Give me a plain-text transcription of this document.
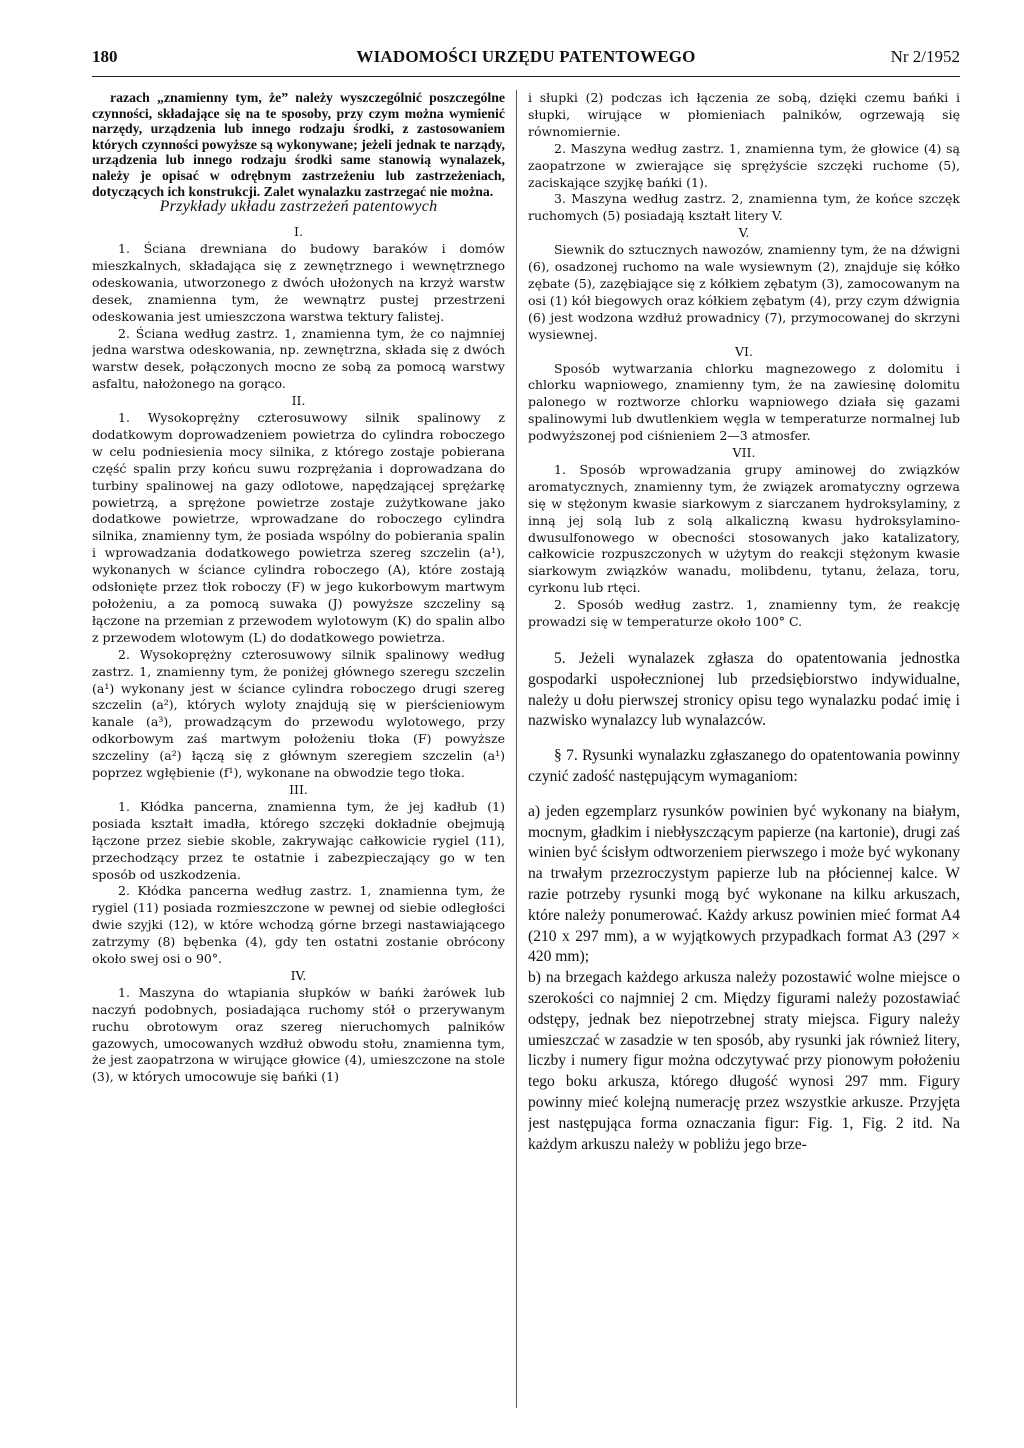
180	WIADOMOŚCI URZĘDU PATENTOWEGO	Nr 2/1952

razach „znamienny tym, że” należy wyszczególnić poszczególne czynności, składające się na te sposoby, przy czym można wymienić narzędy, urządzenia lub innego rodzaju środki, z zastosowaniem których czynności powyższe są wykonywane; jeżeli jednak te narządy, urządzenia lub innego rodzaju środki same stanowią wynalazek, należy je opisać w odrębnym zastrzeżeniu lub zastrzeżeniach, dotyczących ich konstrukcji. Zalet wynalazku zastrzegać nie można.

Przykłady układu zastrzeżeń patentowych

I.

1. Ściana drewniana do budowy baraków i domów mieszkalnych, składająca się z zewnętrznego i wewnętrznego odeskowania, utworzonego z dwóch ułożonych na krzyż warstw desek, znamienna tym, że wewnątrz pustej przestrzeni odeskowania jest umieszczona warstwa tektury falistej.

2. Ściana według zastrz. 1, znamienna tym, że co najmniej jedna warstwa odeskowania, np. zewnętrzna, składa się z dwóch warstw desek, połączonych mocno ze sobą za pomocą warstwy asfaltu, nałożonego na gorąco.

II.

1. Wysokoprężny czterosuwowy silnik spalinowy z dodatkowym doprowadzeniem powietrza do cylindra roboczego w celu podniesienia mocy silnika, z którego zostaje pobierana część spalin przy końcu suwu rozprężania i doprowadzana do turbiny spalinowej na gazy odlotowe, napędzającej sprężarkę powietrzą, a sprężone powietrze zostaje zużytkowane jako dodatkowe powietrze, wprowadzane do roboczego cylindra silnika, znamienny tym, że posiada wspólny do pobierania spalin i wprowadzania dodatkowego powietrza szereg szczelin (a¹), wykonanych w ściance cylindra roboczego (A), które zostają odsłonięte przez tłok roboczy (F) w jego kukorbowym martwym położeniu, a za pomocą suwaka (J) powyższe szczeliny są łączone na przemian z przewodem wylotowym (K) do spalin albo z przewodem wlotowym (L) do dodatkowego powietrza.

2. Wysokoprężny czterosuwowy silnik spalinowy według zastrz. 1, znamienny tym, że poniżej głównego szeregu szczelin (a¹) wykonany jest w ściance cylindra roboczego drugi szereg szczelin (a²), których wyloty znajdują się w pierścieniowym kanale (a³), prowadzącym do przewodu wylotowego, przy odkorbowym zaś martwym położeniu tłoka (F) powyższe szczeliny (a²) łączą się z głównym szeregiem szczelin (a¹) poprzez wgłębienie (f¹), wykonane na obwodzie tego tłoka.

III.

1. Kłódka pancerna, znamienna tym, że jej kadłub (1) posiada kształt imadła, którego szczęki dokładnie obejmują łączone przez siebie skoble, zakrywając całkowicie rygiel (11), przechodzący przez te ostatnie i zabezpieczający go w ten sposób od uszkodzenia.

2. Kłódka pancerna według zastrz. 1, znamienna tym, że rygiel (11) posiada rozmieszczone w pewnej od siebie odległości dwie szyjki (12), w które wchodzą górne brzegi nastawiającego zatrzymy (8) bębenka (4), gdy ten ostatni zostanie obrócony około swej osi o 90°.

IV.

1. Maszyna do wtapiania słupków w bańki żarówek lub naczyń podobnych, posiadająca ruchomy stół o przerywanym ruchu obrotowym oraz szereg nieruchomych palników gazowych, umocowanych wzdłuż obwodu stołu, znamienna tym, że jest zaopatrzona w wirujące głowice (4), umieszczone na stole (3), w których umocowuje się bańki (1)

i słupki (2) podczas ich łączenia ze sobą, dzięki czemu bańki i słupki, wirujące w płomieniach palników, ogrzewają się równomiernie.

2. Maszyna według zastrz. 1, znamienna tym, że głowice (4) są zaopatrzone w zwierające się sprężyście szczęki ruchome (5), zaciskające szyjkę bańki (1).

3. Maszyna według zastrz. 2, znamienna tym, że końce szczęk ruchomych (5) posiadają kształt litery V.

V.

Siewnik do sztucznych nawozów, znamienny tym, że na dźwigni (6), osadzonej ruchomo na wale wysiewnym (2), znajduje się kółko zębate (5), zazębiające się z kółkiem zębatym (3), zamocowanym na osi (1) kół biegowych oraz kółkiem zębatym (4), przy czym dźwignia (6) jest wodzona wzdłuż prowadnicy (7), przymocowanej do skrzyni wysiewnej.

VI.

Sposób wytwarzania chlorku magnezowego z dolomitu i chlorku wapniowego, znamienny tym, że na zawiesinę dolomitu palonego w roztworze chlorku wapniowego działa się gazami spalinowymi lub dwutlenkiem węgla w temperaturze normalnej lub podwyższonej pod ciśnieniem 2—3 atmosfer.

VII.

1. Sposób wprowadzania grupy aminowej do związków aromatycznych, znamienny tym, że związek aromatyczny ogrzewa się w stężonym kwasie siarkowym z siarczanem hydroksylaminy, z inną jej solą lub z solą alkaliczną kwasu hydroksylamino-dwusulfonowego w obecności stosowanych jako katalizatory, całkowicie rozpuszczonych w użytym do reakcji stężonym kwasie siarkowym związków wanadu, molibdenu, tytanu, żelaza, toru, cyrkonu lub rtęci.

2. Sposób według zastrz. 1, znamienny tym, że reakcję prowadzi się w temperaturze około 100° C.

5. Jeżeli wynalazek zgłasza do opatentowania jednostka gospodarki uspołecznionej lub przedsiębiorstwo indywidualne, należy u dołu pierwszej stronicy opisu tego wynalazku podać imię i nazwisko wynalazcy lub wynalazców.

§ 7. Rysunki wynalazku zgłaszanego do opatentowania powinny czynić zadość następującym wymaganiom:

a) jeden egzemplarz rysunków powinien być wykonany na białym, mocnym, gładkim i niebłyszczącym papierze (na kartonie), drugi zaś winien być ścisłym odtworzeniem pierwszego i może być wykonany na trwałym przezroczystym papierze lub na płóciennej kalce. W razie potrzeby rysunki mogą być wykonane na kilku arkuszach, które należy ponumerować. Każdy arkusz powinien mieć format A4 (210 x 297 mm), a w wyjątkowych przypadkach format A3 (297 × 420 mm);

b) na brzegach każdego arkusza należy pozostawić wolne miejsce o szerokości co najmniej 2 cm. Między figurami należy pozostawiać odstępy, jednak bez niepotrzebnej straty miejsca. Figury należy umieszczać w zasadzie w ten sposób, aby rysunki jak również litery, liczby i numery figur można odczytywać przy pionowym położeniu tego boku arkusza, którego długość wynosi 297 mm. Figury powinny mieć kolejną numerację przez wszystkie arkusze. Przyjęta jest następująca forma oznaczania figur: Fig. 1, Fig. 2 itd. Na każdym arkuszu należy w pobliżu jego brze-
